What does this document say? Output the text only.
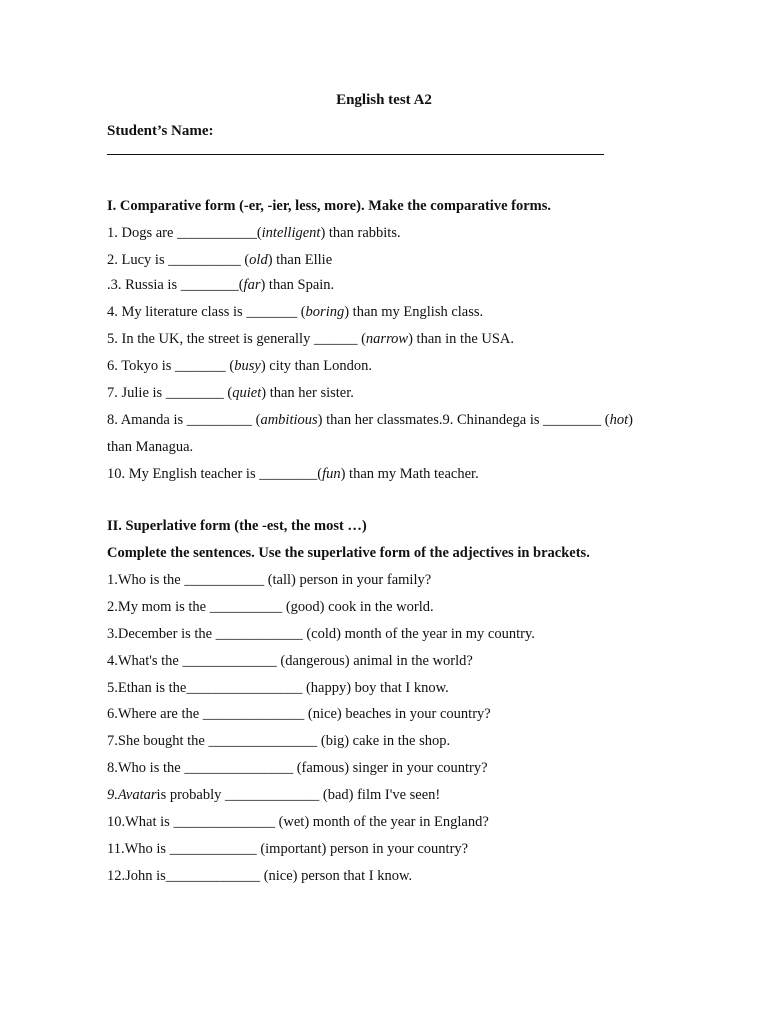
English test A2
Student’s Name:
I. Comparative form (-er, -ier, less, more). Make the comparative forms.
1. Dogs are ___________(intelligent) than rabbits.
2. Lucy is __________ (old) than Ellie
.3. Russia is ________(far) than Spain.
4. My literature class is _______ (boring) than my English class.
5. In the UK, the street is generally ______ (narrow) than in the USA.
6. Tokyo is _______ (busy) city than London.
7. Julie is ________ (quiet) than her sister.
8. Amanda is _________ (ambitious) than her classmates.9. Chinandega is ________ (hot)
than Managua.
10. My English teacher is ________(fun) than my Math teacher.
II. Superlative form (the -est, the most …)
Complete the sentences. Use the superlative form of the adjectives in brackets.
1.Who is the ___________ (tall) person in your family?
2.My mom is the __________ (good) cook in the world.
3.December is the ____________ (cold) month of the year in my country.
4.What's the _____________ (dangerous) animal in the world?
5.Ethan is the________________ (happy) boy that I know.
6.Where are the ______________ (nice) beaches in your country?
7.She bought the _______________ (big) cake in the shop.
8.Who is the _______________ (famous) singer in your country?
9.Avataris probably _____________ (bad) film I've seen!
10.What is ______________ (wet) month of the year in England?
11.Who is ____________ (important) person in your country?
12.John is_____________ (nice) person that I know.
